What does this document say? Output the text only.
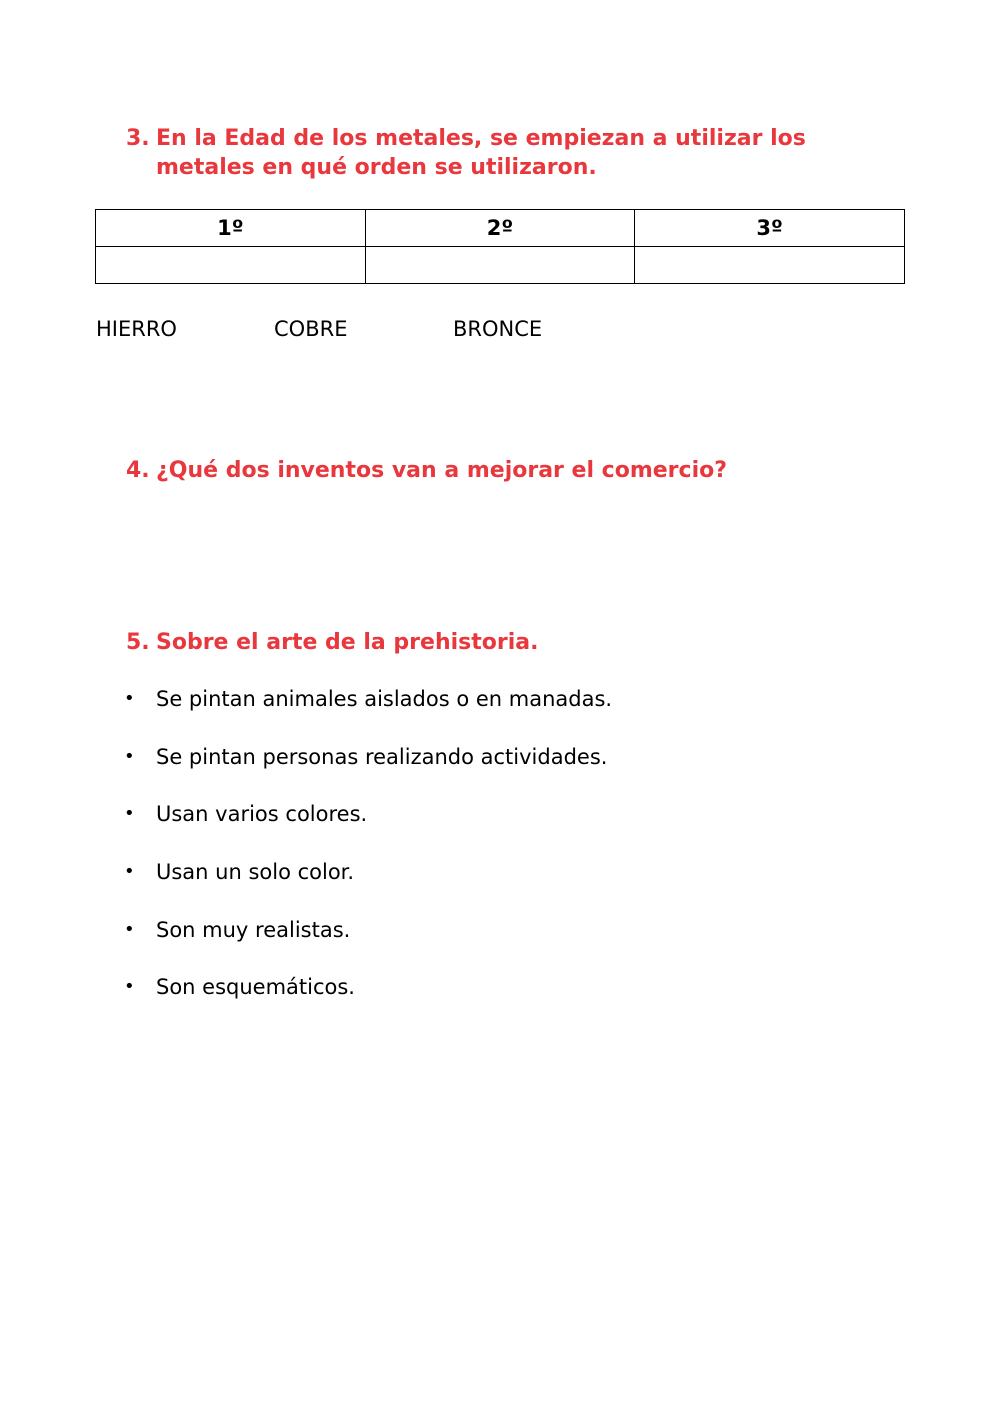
3. En la Edad de los metales, se empiezan a utilizar los metales en qué orden se utilizaron.
1º	2º	3º

HIERRO	COBRE	BRONCE
4. ¿Qué dos inventos van a mejorar el comercio?
5. Sobre el arte de la prehistoria.
• Se pintan animales aislados o en manadas.
• Se pintan personas realizando actividades.
• Usan varios colores.
• Usan un solo color.
• Son muy realistas.
• Son esquemáticos.
